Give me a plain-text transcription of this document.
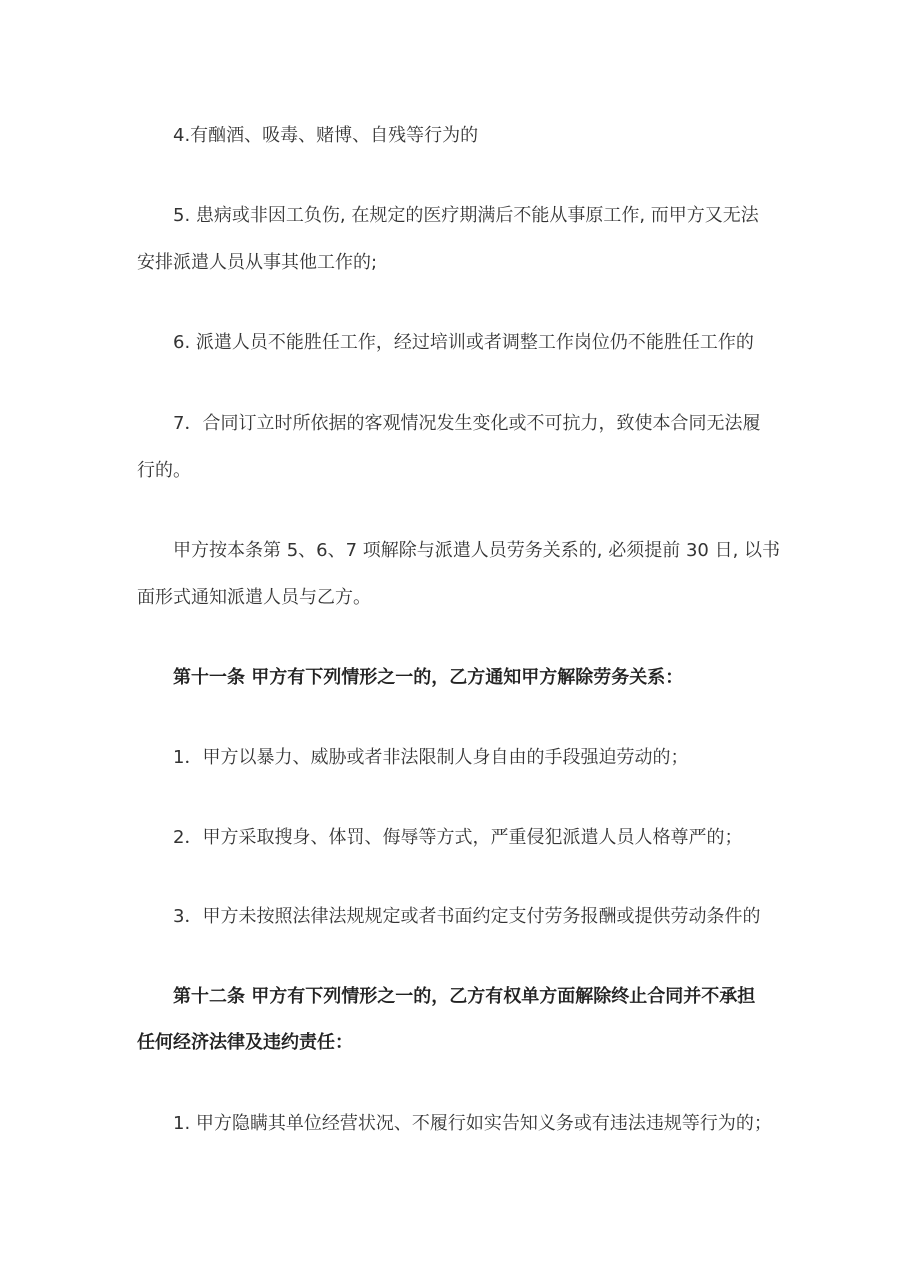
4.有酗酒、吸毒、赌博、自残等行为的
5. 患病或非因工负伤, 在规定的医疗期满后不能从事原工作, 而甲方又无法
安排派遣人员从事其他工作的;
6. 派遣人员不能胜任工作，经过培训或者调整工作岗位仍不能胜任工作的
7．合同订立时所依据的客观情况发生变化或不可抗力，致使本合同无法履
行的。
甲方按本条第 5、6、7 项解除与派遣人员劳务关系的, 必须提前 30 日, 以书
面形式通知派遣人员与乙方。
第十一条 甲方有下列情形之一的，乙方通知甲方解除劳务关系：
1．甲方以暴力、威胁或者非法限制人身自由的手段强迫劳动的；
2．甲方采取搜身、体罚、侮辱等方式，严重侵犯派遣人员人格尊严的；
3．甲方未按照法律法规规定或者书面约定支付劳务报酬或提供劳动条件的
第十二条 甲方有下列情形之一的，乙方有权单方面解除终止合同并不承担
任何经济法律及违约责任：
1. 甲方隐瞒其单位经营状况、不履行如实告知义务或有违法违规等行为的；
